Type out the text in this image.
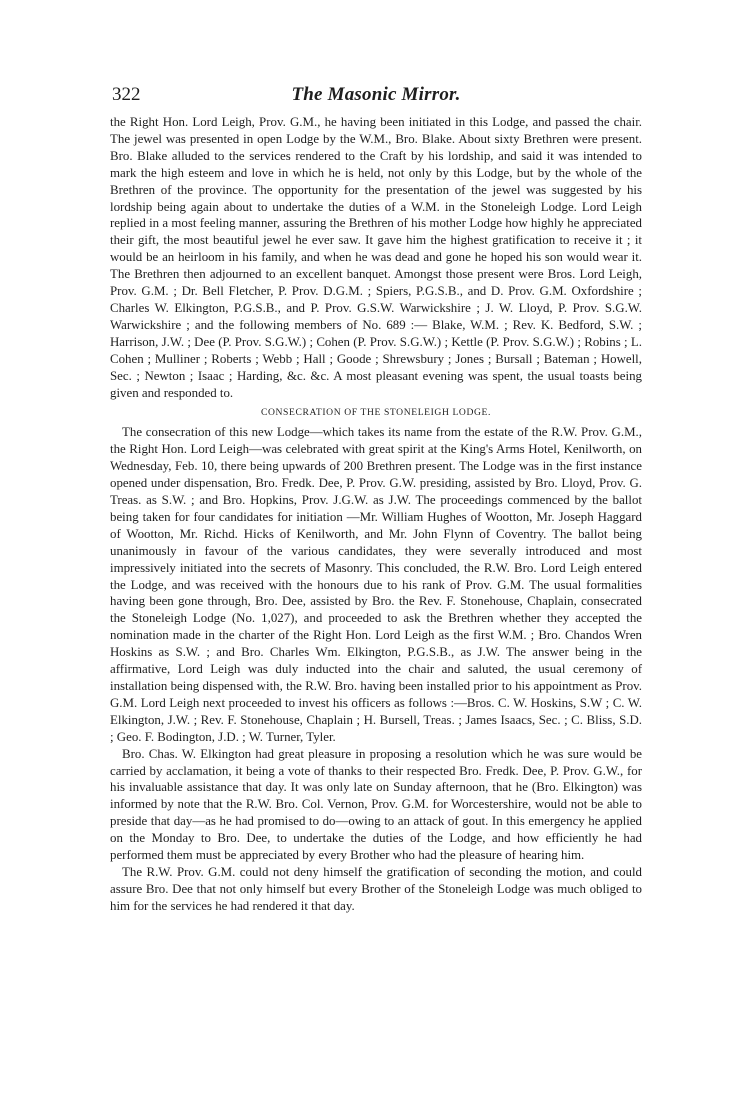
322	The Masonic Mirror.

the Right Hon. Lord Leigh, Prov. G.M., he having been initiated in this Lodge, and passed the chair. The jewel was presented in open Lodge by the W.M., Bro. Blake. About sixty Brethren were present. Bro. Blake alluded to the services rendered to the Craft by his lordship, and said it was intended to mark the high esteem and love in which he is held, not only by this Lodge, but by the whole of the Brethren of the province. The opportunity for the presentation of the jewel was suggested by his lordship being again about to undertake the duties of a W.M. in the Stoneleigh Lodge. Lord Leigh replied in a most feeling manner, assuring the Brethren of his mother Lodge how highly he appreciated their gift, the most beautiful jewel he ever saw. It gave him the highest gratification to receive it ; it would be an heirloom in his family, and when he was dead and gone he hoped his son would wear it. The Brethren then adjourned to an excellent banquet. Amongst those present were Bros. Lord Leigh, Prov. G.M. ; Dr. Bell Fletcher, P. Prov. D.G.M. ; Spiers, P.G.S.B., and D. Prov. G.M. Oxfordshire ; Charles W. Elkington, P.G.S.B., and P. Prov. G.S.W. Warwickshire ; J. W. Lloyd, P. Prov. S.G.W. Warwickshire ; and the following members of No. 689 :— Blake, W.M. ; Rev. K. Bedford, S.W. ; Harrison, J.W. ; Dee (P. Prov. S.G.W.) ; Cohen (P. Prov. S.G.W.) ; Kettle (P. Prov. S.G.W.) ; Robins ; L. Cohen ; Mulliner ; Roberts ; Webb ; Hall ; Goode ; Shrewsbury ; Jones ; Bursall ; Bateman ; Howell, Sec. ; Newton ; Isaac ; Harding, &c. &c. A most pleasant evening was spent, the usual toasts being given and responded to.

CONSECRATION OF THE STONELEIGH LODGE.

The consecration of this new Lodge—which takes its name from the estate of the R.W. Prov. G.M., the Right Hon. Lord Leigh—was celebrated with great spirit at the King's Arms Hotel, Kenilworth, on Wednesday, Feb. 10, there being upwards of 200 Brethren present. The Lodge was in the first instance opened under dispensation, Bro. Fredk. Dee, P. Prov. G.W. presiding, assisted by Bro. Lloyd, Prov. G. Treas. as S.W. ; and Bro. Hopkins, Prov. J.G.W. as J.W. The proceedings commenced by the ballot being taken for four candidates for initiation —Mr. William Hughes of Wootton, Mr. Joseph Haggard of Wootton, Mr. Richd. Hicks of Kenilworth, and Mr. John Flynn of Coventry. The ballot being unanimously in favour of the various candidates, they were severally introduced and most impressively initiated into the secrets of Masonry. This concluded, the R.W. Bro. Lord Leigh entered the Lodge, and was received with the honours due to his rank of Prov. G.M. The usual formalities having been gone through, Bro. Dee, assisted by Bro. the Rev. F. Stonehouse, Chaplain, consecrated the Stoneleigh Lodge (No. 1,027), and proceeded to ask the Brethren whether they accepted the nomination made in the charter of the Right Hon. Lord Leigh as the first W.M. ; Bro. Chandos Wren Hoskins as S.W. ; and Bro. Charles Wm. Elkington, P.G.S.B., as J.W. The answer being in the affirmative, Lord Leigh was duly inducted into the chair and saluted, the usual ceremony of installation being dispensed with, the R.W. Bro. having been installed prior to his appointment as Prov. G.M. Lord Leigh next proceeded to invest his officers as follows :—Bros. C. W. Hoskins, S.W ; C. W. Elkington, J.W. ; Rev. F. Stonehouse, Chaplain ; H. Bursell, Treas. ; James Isaacs, Sec. ; C. Bliss, S.D. ; Geo. F. Bodington, J.D. ; W. Turner, Tyler.

Bro. Chas. W. Elkington had great pleasure in proposing a resolution which he was sure would be carried by acclamation, it being a vote of thanks to their respected Bro. Fredk. Dee, P. Prov. G.W., for his invaluable assistance that day. It was only late on Sunday afternoon, that he (Bro. Elkington) was informed by note that the R.W. Bro. Col. Vernon, Prov. G.M. for Worcestershire, would not be able to preside that day—as he had promised to do—owing to an attack of gout. In this emergency he applied on the Monday to Bro. Dee, to undertake the duties of the Lodge, and how efficiently he had performed them must be appreciated by every Brother who had the pleasure of hearing him.

The R.W. Prov. G.M. could not deny himself the gratification of seconding the motion, and could assure Bro. Dee that not only himself but every Brother of the Stoneleigh Lodge was much obliged to him for the services he had rendered it that day.
